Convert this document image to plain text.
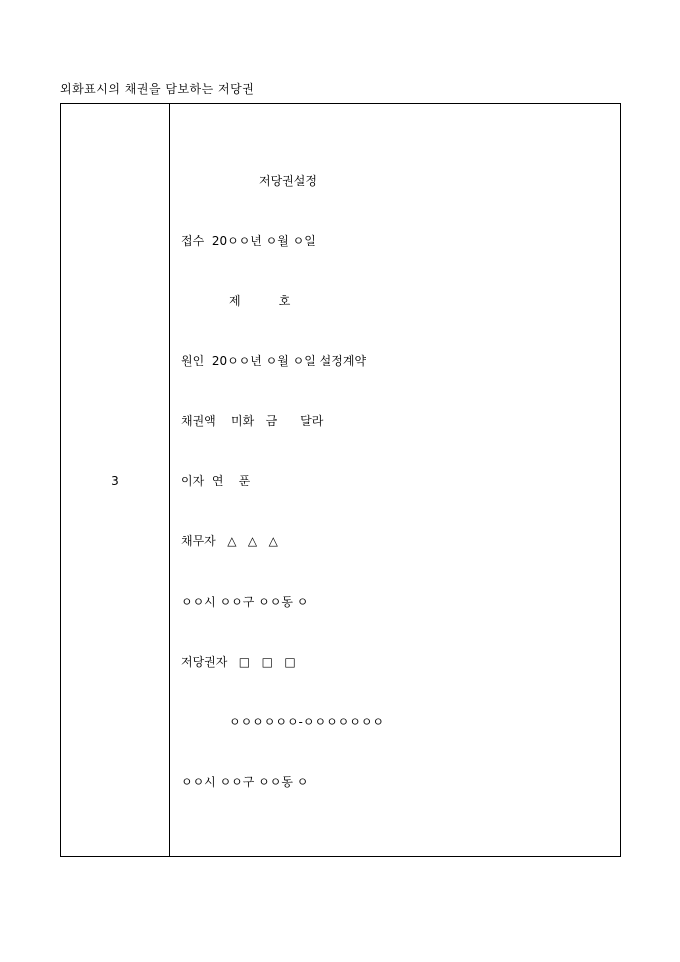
외화표시의 채권을 담보하는 저당권
3
저당권설정
접수  20ㅇㅇ년 ㅇ월 ㅇ일
제          호
원인  20ㅇㅇ년 ㅇ월 ㅇ일 설정계약
채권액    미화   금      달라
이자  연    푼
채무자   △   △   △
ㅇㅇ시 ㅇㅇ구 ㅇㅇ동 ㅇ
저당권자   □   □   □
ㅇㅇㅇㅇㅇㅇ-ㅇㅇㅇㅇㅇㅇㅇ
ㅇㅇ시 ㅇㅇ구 ㅇㅇ동 ㅇ
